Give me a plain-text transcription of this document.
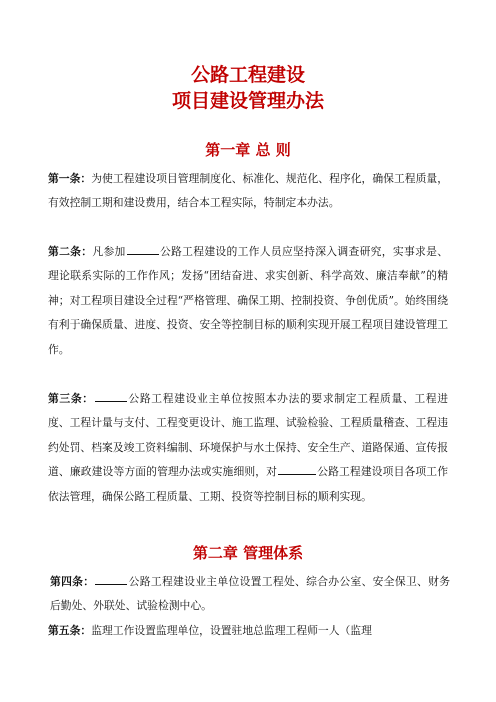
公路工程建设
项目建设管理办法
第一章 总 则
第一条：为使工程建设项目管理制度化、标准化、规范化、程序化，确保工程质量，有效控制工期和建设费用，结合本工程实际，特制定本办法。
第二条：凡参加	公路工程建设的工作人员应坚持深入调查研究，实事求是、理论联系实际的工作作风；发扬“团结奋进、求实创新、科学高效、廉洁奉献”的精神；对工程项目建设全过程“严格管理、确保工期、控制投资、争创优质”。始终围绕有利于确保质量、进度、投资、安全等控制目标的顺利实现开展工程项目建设管理工作。
第三条：	公路工程建设业主单位按照本办法的要求制定工程质量、工程进度、工程计量与支付、工程变更设计、施工监理、试验检验、工程质量稽查、工程违约处罚、档案及竣工资料编制、环境保护与水土保持、安全生产、道路保通、宣传报道、廉政建设等方面的管理办法或实施细则，对	公路工程建设项目各项工作依法管理，确保公路工程质量、工期、投资等控制目标的顺利实现。
第二章 管理体系
第四条：	公路工程建设业主单位设置工程处、综合办公室、安全保卫、财务后勤处、外联处、试验检测中心。
第五条：监理工作设置监理单位，设置驻地总监理工程师一人（监理
